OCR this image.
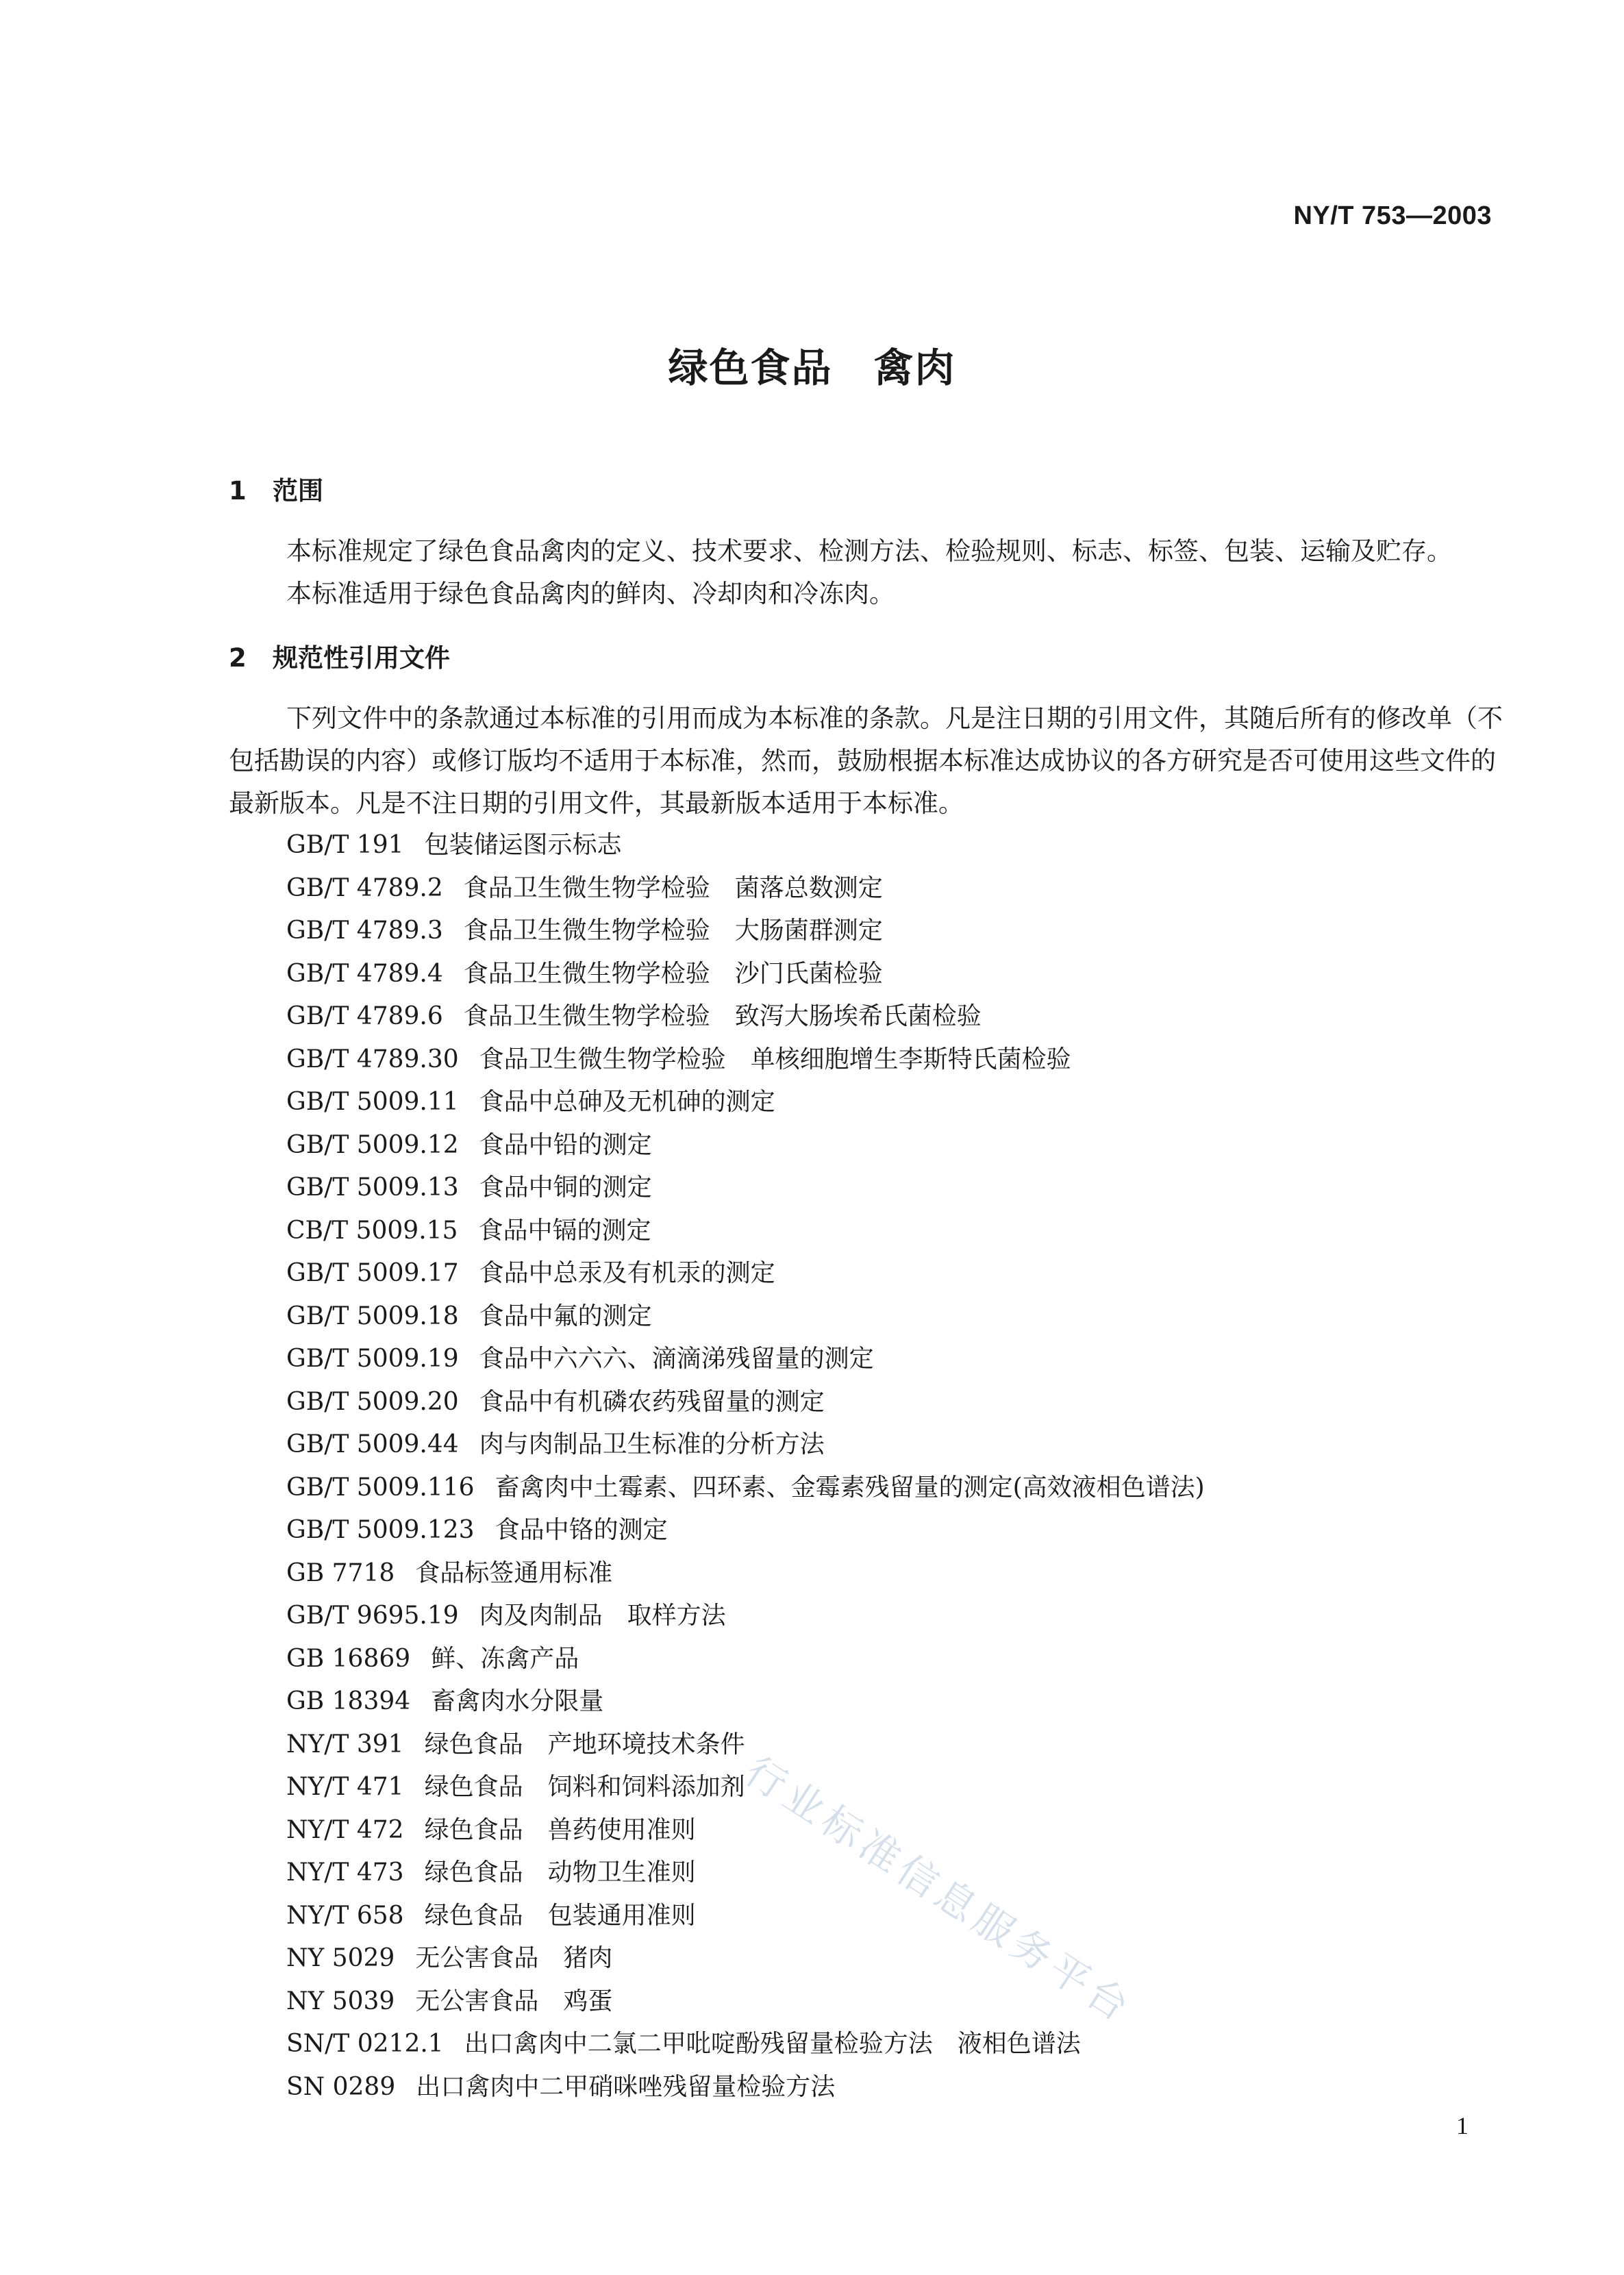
NY/T 753—2003
绿色食品 禽肉
1 范围

本标准规定了绿色食品禽肉的定义、技术要求、检测方法、检验规则、标志、标签、包装、运输及贮存。

本标准适用于绿色食品禽肉的鲜肉、冷却肉和冷冻肉。

2 规范性引用文件

下列文件中的条款通过本标准的引用而成为本标准的条款。凡是注日期的引用文件，其随后所有的修改单（不包括勘误的内容）或修订版均不适用于本标准，然而，鼓励根据本标准达成协议的各方研究是否可使用这些文件的最新版本。凡是不注日期的引用文件，其最新版本适用于本标准。

GB/T 191 包装储运图示标志
GB/T 4789.2 食品卫生微生物学检验　菌落总数测定
GB/T 4789.3 食品卫生微生物学检验　大肠菌群测定
GB/T 4789.4 食品卫生微生物学检验　沙门氏菌检验
GB/T 4789.6 食品卫生微生物学检验　致泻大肠埃希氏菌检验
GB/T 4789.30 食品卫生微生物学检验　单核细胞增生李斯特氏菌检验
GB/T 5009.11 食品中总砷及无机砷的测定
GB/T 5009.12 食品中铅的测定
GB/T 5009.13 食品中铜的测定
CB/T 5009.15 食品中镉的测定
GB/T 5009.17 食品中总汞及有机汞的测定
GB/T 5009.18 食品中氟的测定
GB/T 5009.19 食品中六六六、滴滴涕残留量的测定
GB/T 5009.20 食品中有机磷农药残留量的测定
GB/T 5009.44 肉与肉制品卫生标准的分析方法
GB/T 5009.116 畜禽肉中土霉素、四环素、金霉素残留量的测定(高效液相色谱法)
GB/T 5009.123 食品中铬的测定
GB 7718 食品标签通用标准
GB/T 9695.19 肉及肉制品　取样方法
GB 16869 鲜、冻禽产品
GB 18394 畜禽肉水分限量
NY/T 391 绿色食品　产地环境技术条件
NY/T 471 绿色食品　饲料和饲料添加剂
NY/T 472 绿色食品　兽药使用准则
NY/T 473 绿色食品　动物卫生准则
NY/T 658 绿色食品　包装通用准则
NY 5029 无公害食品　猪肉
NY 5039 无公害食品　鸡蛋
SN/T 0212.1 出口禽肉中二氯二甲吡啶酚残留量检验方法　液相色谱法
SN 0289 出口禽肉中二甲硝咪唑残留量检验方法
行业标准信息服务平台
1
